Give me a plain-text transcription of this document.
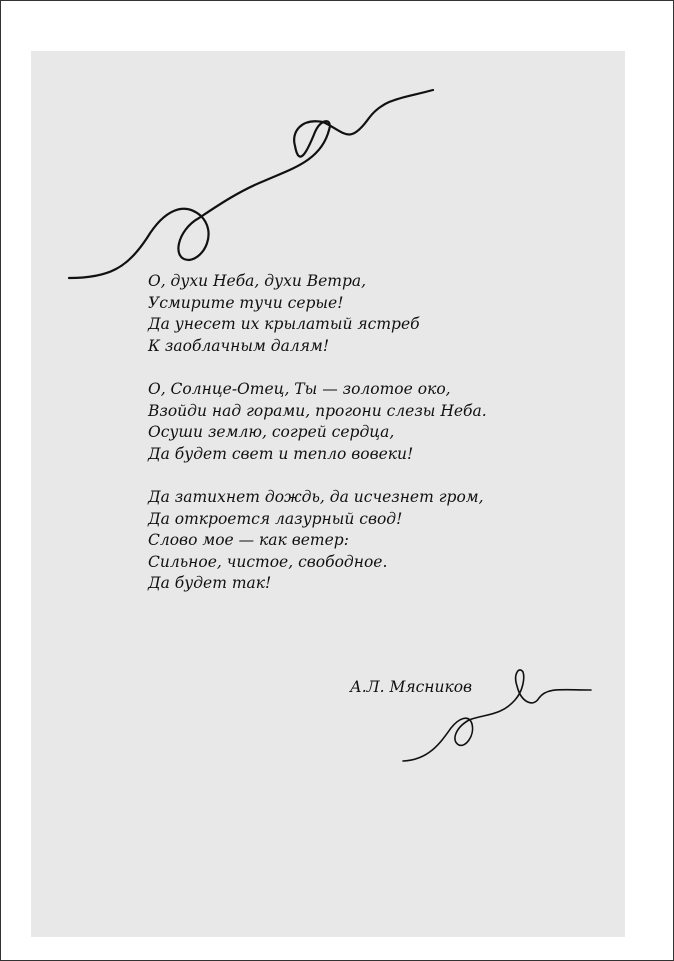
О, духи Неба, духи Ветра,
Усмирите тучи серые!
Да унесет их крылатый ястреб
К заоблачным далям!
О, Солнце-Отец, Ты — золотое око,
Взойди над горами, прогони слезы Неба.
Осуши землю, согрей сердца,
Да будет свет и тепло вовеки!
Да затихнет дождь, да исчезнет гром,
Да откроется лазурный свод!
Слово мое — как ветер:
Сильное, чистое, свободное.
Да будет так!
А.Л. Мясников
